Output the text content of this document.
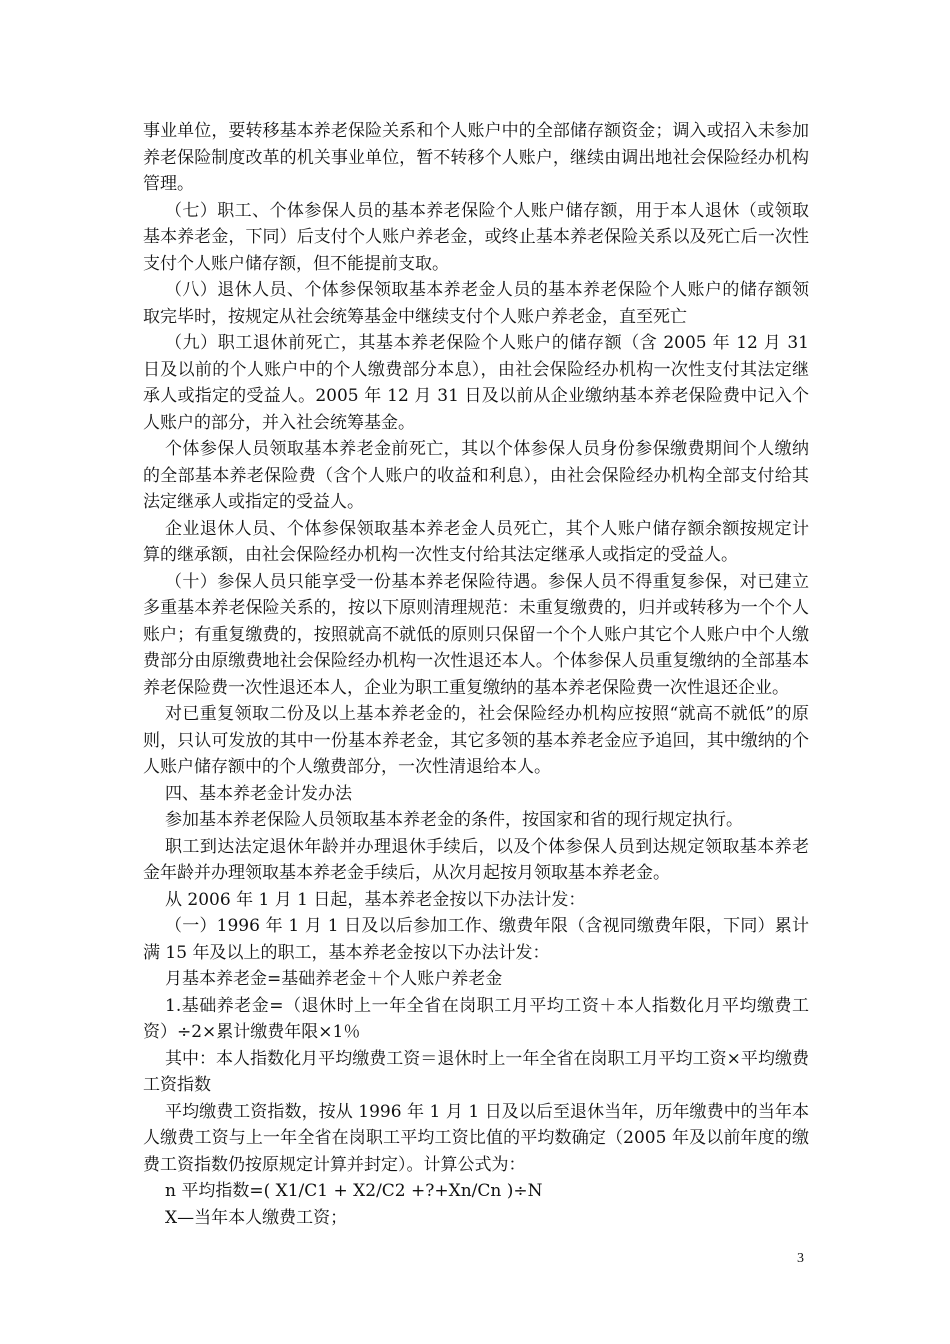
事业单位，要转移基本养老保险关系和个人账户中的全部储存额资金；调入或招入未参加养老保险制度改革的机关事业单位，暂不转移个人账户，继续由调出地社会保险经办机构管理。

（七）职工、个体参保人员的基本养老保险个人账户储存额，用于本人退休（或领取基本养老金，下同）后支付个人账户养老金，或终止基本养老保险关系以及死亡后一次性支付个人账户储存额，但不能提前支取。

（八）退休人员、个体参保领取基本养老金人员的基本养老保险个人账户的储存额领取完毕时，按规定从社会统筹基金中继续支付个人账户养老金，直至死亡

（九）职工退休前死亡，其基本养老保险个人账户的储存额（含 2005 年 12 月 31 日及以前的个人账户中的个人缴费部分本息），由社会保险经办机构一次性支付其法定继承人或指定的受益人。2005 年 12 月 31 日及以前从企业缴纳基本养老保险费中记入个人账户的部分，并入社会统筹基金。

个体参保人员领取基本养老金前死亡，其以个体参保人员身份参保缴费期间个人缴纳的全部基本养老保险费（含个人账户的收益和利息），由社会保险经办机构全部支付给其法定继承人或指定的受益人。

企业退休人员、个体参保领取基本养老金人员死亡，其个人账户储存额余额按规定计算的继承额，由社会保险经办机构一次性支付给其法定继承人或指定的受益人。

（十）参保人员只能享受一份基本养老保险待遇。参保人员不得重复参保，对已建立多重基本养老保险关系的，按以下原则清理规范：未重复缴费的，归并或转移为一个个人账户；有重复缴费的，按照就高不就低的原则只保留一个个人账户其它个人账户中个人缴费部分由原缴费地社会保险经办机构一次性退还本人。个体参保人员重复缴纳的全部基本养老保险费一次性退还本人，企业为职工重复缴纳的基本养老保险费一次性退还企业。

对已重复领取二份及以上基本养老金的，社会保险经办机构应按照“就高不就低”的原则，只认可发放的其中一份基本养老金，其它多领的基本养老金应予追回，其中缴纳的个人账户储存额中的个人缴费部分，一次性清退给本人。

四、基本养老金计发办法

参加基本养老保险人员领取基本养老金的条件，按国家和省的现行规定执行。

职工到达法定退休年龄并办理退休手续后，以及个体参保人员到达规定领取基本养老金年龄并办理领取基本养老金手续后，从次月起按月领取基本养老金。

从 2006 年 1 月 1 日起，基本养老金按以下办法计发：

（一）1996 年 1 月 1 日及以后参加工作、缴费年限（含视同缴费年限，下同）累计满 15 年及以上的职工，基本养老金按以下办法计发：

月基本养老金=基础养老金＋个人账户养老金

1.基础养老金=（退休时上一年全省在岗职工月平均工资＋本人指数化月平均缴费工资）÷2×累计缴费年限×1％

其中：本人指数化月平均缴费工资＝退休时上一年全省在岗职工月平均工资×平均缴费工资指数

平均缴费工资指数，按从 1996 年 1 月 1 日及以后至退休当年，历年缴费中的当年本人缴费工资与上一年全省在岗职工平均工资比值的平均数确定（2005 年及以前年度的缴费工资指数仍按原规定计算并封定）。计算公式为：

n 平均指数=( X1/C1 + X2/C2 +?+Xn/Cn )÷N

X—当年本人缴费工资；

3
